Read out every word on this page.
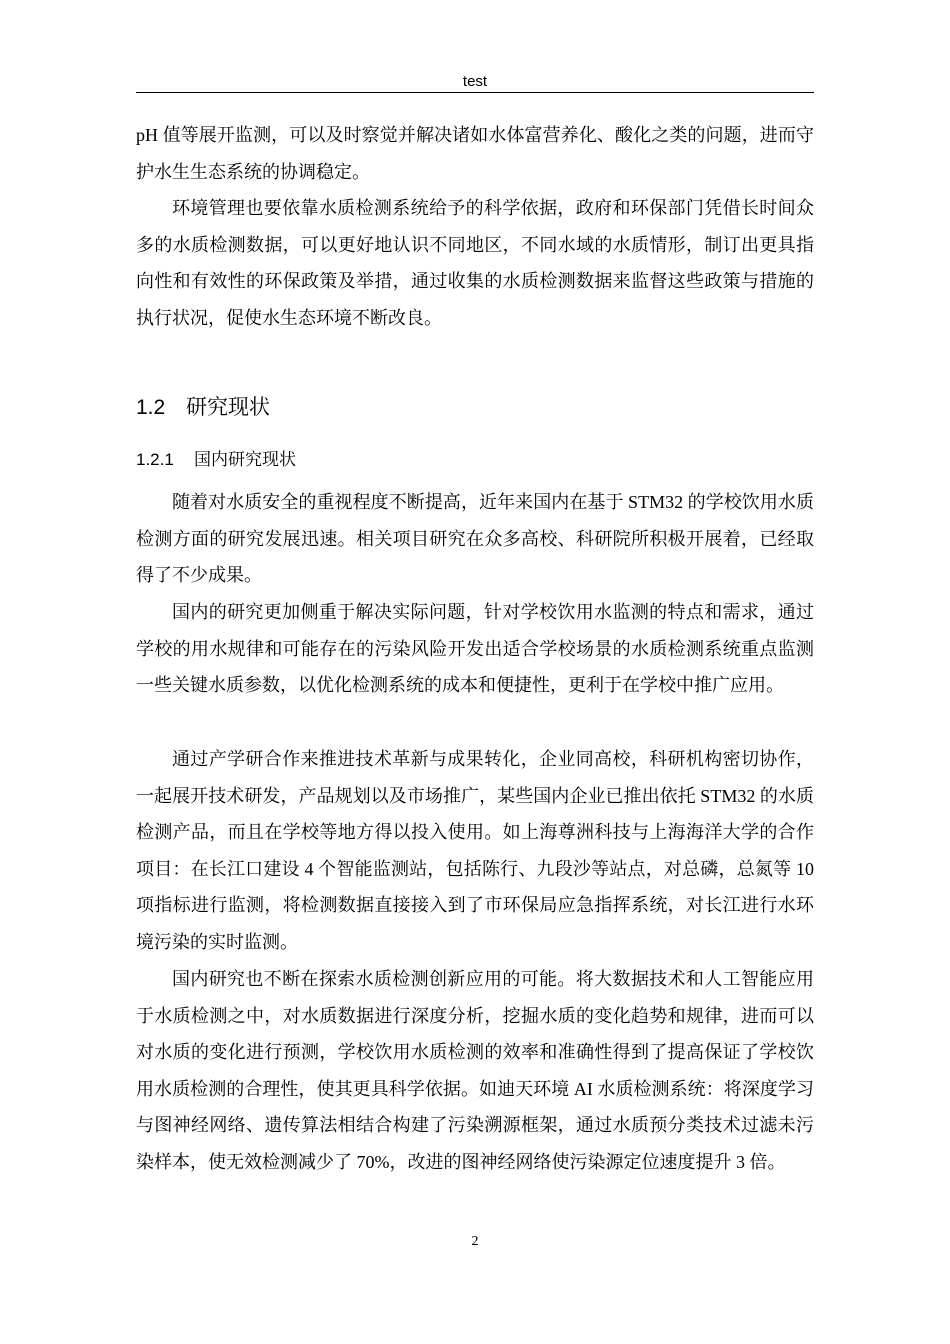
test

pH 值等展开监测，可以及时察觉并解决诸如水体富营养化、酸化之类的问题，进而守护水生生态系统的协调稳定。

环境管理也要依靠水质检测系统给予的科学依据，政府和环保部门凭借长时间众多的水质检测数据，可以更好地认识不同地区，不同水域的水质情形，制订出更具指向性和有效性的环保政策及举措，通过收集的水质检测数据来监督这些政策与措施的执行状况，促使水生态环境不断改良。

1.2 研究现状
1.2.1 国内研究现状

随着对水质安全的重视程度不断提高，近年来国内在基于 STM32 的学校饮用水质检测方面的研究发展迅速。相关项目研究在众多高校、科研院所积极开展着，已经取得了不少成果。

国内的研究更加侧重于解决实际问题，针对学校饮用水监测的特点和需求，通过学校的用水规律和可能存在的污染风险开发出适合学校场景的水质检测系统重点监测一些关键水质参数，以优化检测系统的成本和便捷性，更利于在学校中推广应用。

通过产学研合作来推进技术革新与成果转化，企业同高校，科研机构密切协作，一起展开技术研发，产品规划以及市场推广，某些国内企业已推出依托 STM32 的水质检测产品，而且在学校等地方得以投入使用。如上海尊洲科技与上海海洋大学的合作项目：在长江口建设 4 个智能监测站，包括陈行、九段沙等站点，对总磷，总氮等 10 项指标进行监测，将检测数据直接接入到了市环保局应急指挥系统，对长江进行水环境污染的实时监测。

国内研究也不断在探索水质检测创新应用的可能。将大数据技术和人工智能应用于水质检测之中，对水质数据进行深度分析，挖掘水质的变化趋势和规律，进而可以对水质的变化进行预测，学校饮用水质检测的效率和准确性得到了提高保证了学校饮用水质检测的合理性，使其更具科学依据。如迪天环境 AI 水质检测系统：将深度学习与图神经网络、遗传算法相结合构建了污染溯源框架，通过水质预分类技术过滤未污染样本，使无效检测减少了 70%，改进的图神经网络使污染源定位速度提升 3 倍。

2
